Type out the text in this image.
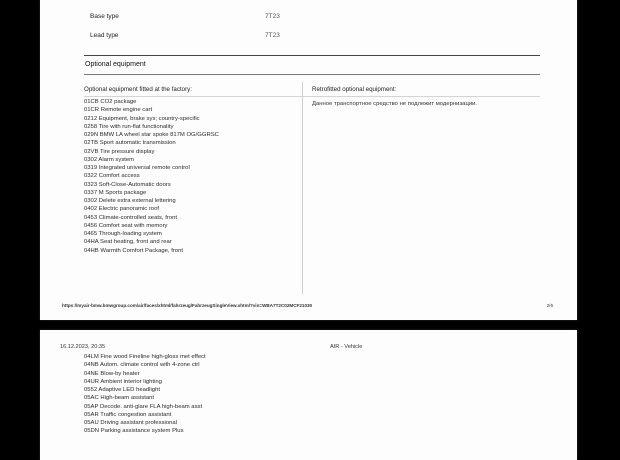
Base type	7T23
Lead type	7T23
Optional equipment
Optional equipment fitted at the factory:	Retrofitted optional equipment:
01CB CO2 package
01CR Remote engine cart
0212 Equipment, brake sys; country-specific
0258 Tire with run-flat functionality
029N BMW LA wheel star spoke 817M OG/GGRSC
02TB Sport automatic transmission
02VB Tire pressure display
0302 Alarm system
0319 Integrated universal remote control
0322 Comfort access
0323 Soft-Close-Automatic doors
0337 M Sports package
0302 Delete extra external lettering
0402 Electric panoramic roof
0453 Climate-controlled seats, front
0456 Comfort seat with memory
0465 Through-loading system
04HA Seat heating, front and rear
04HB Warmth Comfort Package, front
Данное транспортное средство не подлежит модернизации.
https://myair-bmw.bmwgroup.com/air/faces/xhtml/fahrzeug/FahrzeugSingleView.xhtml?vin=WBA7T2C02MCF21030	2/6
16.12.2023, 20:35	AIR - Vehicle
04LM Fine wood Fineline high-gloss met effect
04NB Autom. climate control with 4-zone ctrl
04NE Blow-by heater
04UR Ambient interior lighting
0552 Adaptive LED headlight
05AC High-beam assistant
05AP Decode. anti-glare FLA high-beam asst
05AR Traffic congestion assistant
05AU Driving assistant professional
05DN Parking assistance system Plus
